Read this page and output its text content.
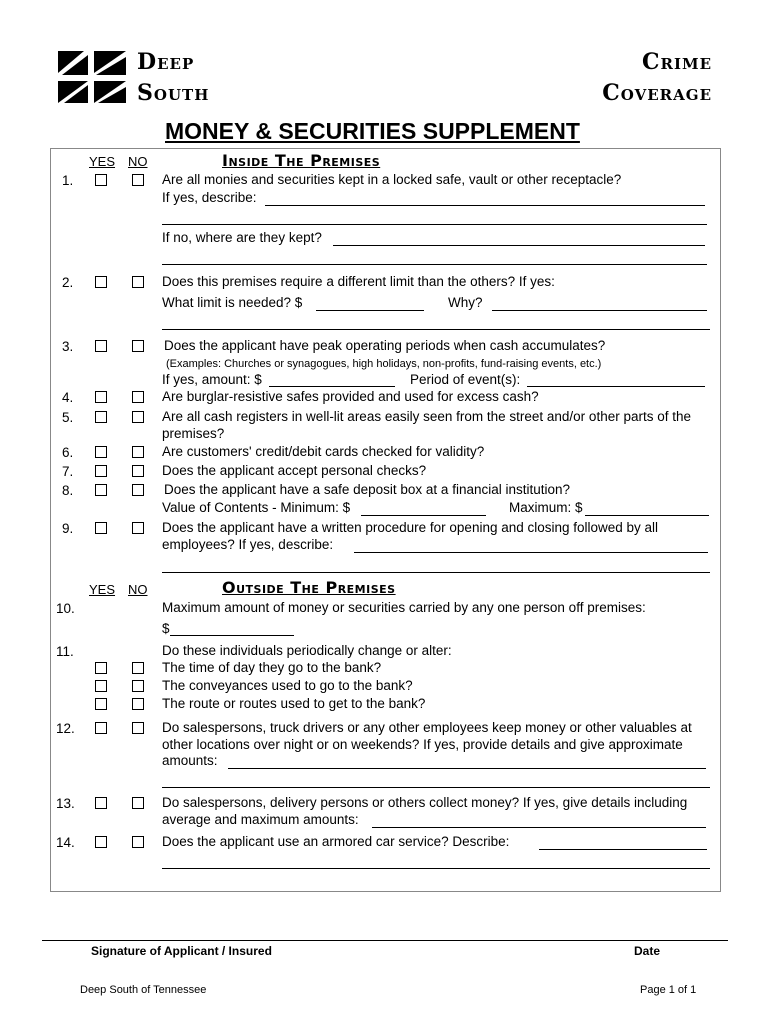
Deep
South
Crime
Coverage
MONEY & SECURITIES SUPPLEMENT
YES NO	Inside The Premises
1.	Are all monies and securities kept in a locked safe, vault or other receptacle?
If yes, describe:
If no, where are they kept?
2.	Does this premises require a different limit than the others? If yes:
What limit is needed? $	Why?
3.	Does the applicant have peak operating periods when cash accumulates?
(Examples: Churches or synagogues, high holidays, non-profits, fund-raising events, etc.)
If yes, amount: $	Period of event(s):
4.	Are burglar-resistive safes provided and used for excess cash?
5.	Are all cash registers in well-lit areas easily seen from the street and/or other parts of the
premises?
6.	Are customers' credit/debit cards checked for validity?
7.	Does the applicant accept personal checks?
8.	Does the applicant have a safe deposit box at a financial institution?
Value of Contents - Minimum: $	Maximum: $
9.	Does the applicant have a written procedure for opening and closing followed by all
employees? If yes, describe:
YES NO	Outside The Premises
10.	Maximum amount of money or securities carried by any one person off premises:
$
11.	Do these individuals periodically change or alter:
The time of day they go to the bank?
The conveyances used to go to the bank?
The route or routes used to get to the bank?
12.	Do salespersons, truck drivers or any other employees keep money or other valuables at
other locations over night or on weekends? If yes, provide details and give approximate
amounts:
13.	Do salespersons, delivery persons or others collect money? If yes, give details including
average and maximum amounts:
14.	Does the applicant use an armored car service? Describe:
Signature of Applicant / Insured	Date
Deep South of Tennessee	Page 1 of 1
